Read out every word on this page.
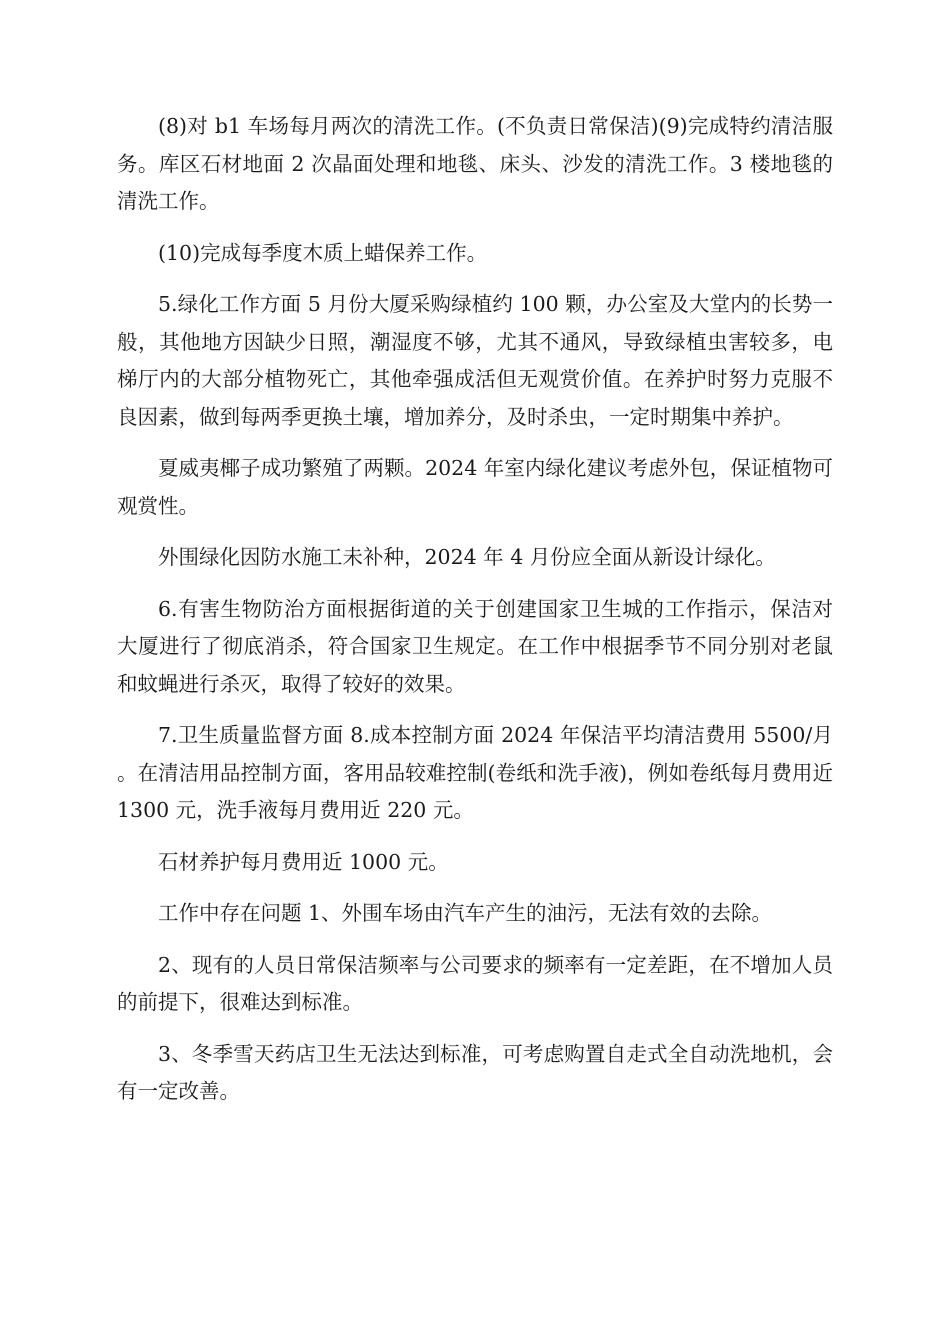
(8)对 b1 车场每月两次的清洗工作。(不负责日常保洁)(9)完成特约清洁服务。库区石材地面 2 次晶面处理和地毯、床头、沙发的清洗工作。3 楼地毯的清洗工作。

(10)完成每季度木质上蜡保养工作。

5.绿化工作方面 5 月份大厦采购绿植约 100 颗，办公室及大堂内的长势一般，其他地方因缺少日照，潮湿度不够，尤其不通风，导致绿植虫害较多，电梯厅内的大部分植物死亡，其他牵强成活但无观赏价值。在养护时努力克服不良因素，做到每两季更换土壤，增加养分，及时杀虫，一定时期集中养护。

夏威夷椰子成功繁殖了两颗。2024 年室内绿化建议考虑外包，保证植物可观赏性。

外围绿化因防水施工未补种，2024 年 4 月份应全面从新设计绿化。

6.有害生物防治方面根据街道的关于创建国家卫生城的工作指示，保洁对大厦进行了彻底消杀，符合国家卫生规定。在工作中根据季节不同分别对老鼠和蚊蝇进行杀灭，取得了较好的效果。

7.卫生质量监督方面 8.成本控制方面 2024 年保洁平均清洁费用 5500/月。在清洁用品控制方面，客用品较难控制(卷纸和洗手液)，例如卷纸每月费用近 1300 元，洗手液每月费用近 220 元。

石材养护每月费用近 1000 元。

工作中存在问题 1、外围车场由汽车产生的油污，无法有效的去除。

2、现有的人员日常保洁频率与公司要求的频率有一定差距，在不增加人员的前提下，很难达到标准。

3、冬季雪天药店卫生无法达到标准，可考虑购置自走式全自动洗地机，会有一定改善。
